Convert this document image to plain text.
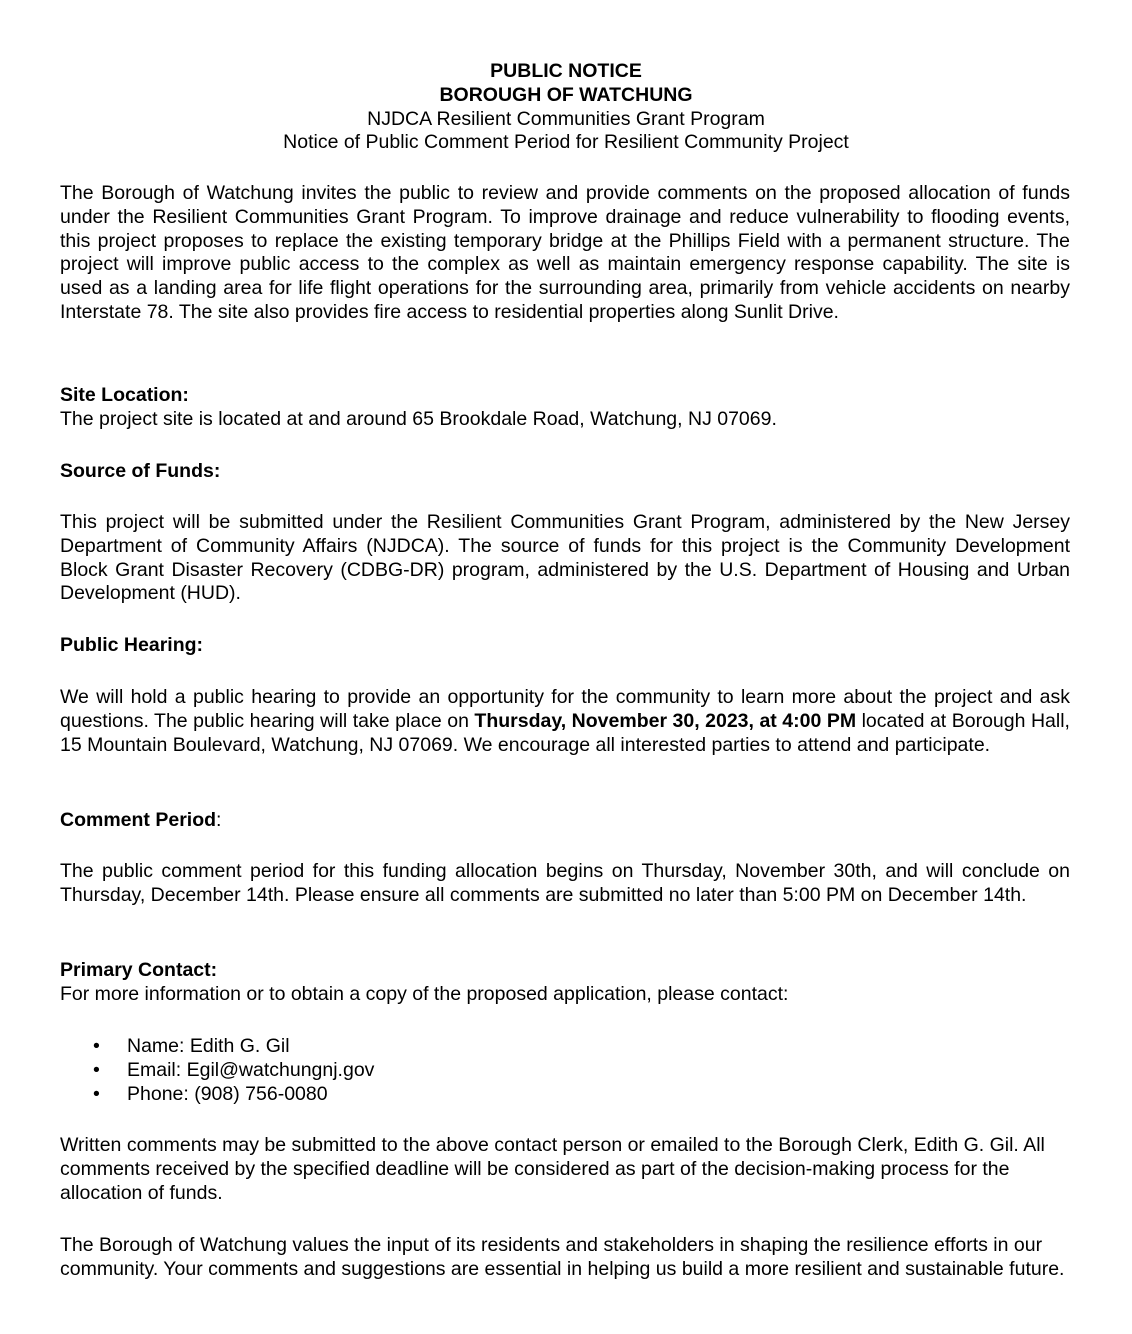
PUBLIC NOTICE
BOROUGH OF WATCHUNG
NJDCA Resilient Communities Grant Program
Notice of Public Comment Period for Resilient Community Project

The Borough of Watchung invites the public to review and provide comments on the proposed allocation of funds under the Resilient Communities Grant Program. To improve drainage and reduce vulnerability to flooding events, this project proposes to replace the existing temporary bridge at the Phillips Field with a permanent structure. The project will improve public access to the complex as well as maintain emergency response capability. The site is used as a landing area for life flight operations for the surrounding area, primarily from vehicle accidents on nearby Interstate 78. The site also provides fire access to residential properties along Sunlit Drive.

Site Location:
The project site is located at and around 65 Brookdale Road, Watchung, NJ 07069.
Source of Funds:

This project will be submitted under the Resilient Communities Grant Program, administered by the New Jersey Department of Community Affairs (NJDCA). The source of funds for this project is the Community Development Block Grant Disaster Recovery (CDBG-DR) program, administered by the U.S. Department of Housing and Urban Development (HUD).

Public Hearing:

We will hold a public hearing to provide an opportunity for the community to learn more about the project and ask questions. The public hearing will take place on Thursday, November 30, 2023, at 4:00 PM located at Borough Hall, 15 Mountain Boulevard, Watchung, NJ 07069. We encourage all interested parties to attend and participate.

Comment Period:

The public comment period for this funding allocation begins on Thursday, November 30th, and will conclude on Thursday, December 14th. Please ensure all comments are submitted no later than 5:00 PM on December 14th.

Primary Contact:
For more information or to obtain a copy of the proposed application, please contact:
• Name: Edith G. Gil
• Email: Egil@watchungnj.gov
• Phone: (908) 756-0080

Written comments may be submitted to the above contact person or emailed to the Borough Clerk, Edith G. Gil. All comments received by the specified deadline will be considered as part of the decision-making process for the allocation of funds.

The Borough of Watchung values the input of its residents and stakeholders in shaping the resilience efforts in our community. Your comments and suggestions are essential in helping us build a more resilient and sustainable future.
